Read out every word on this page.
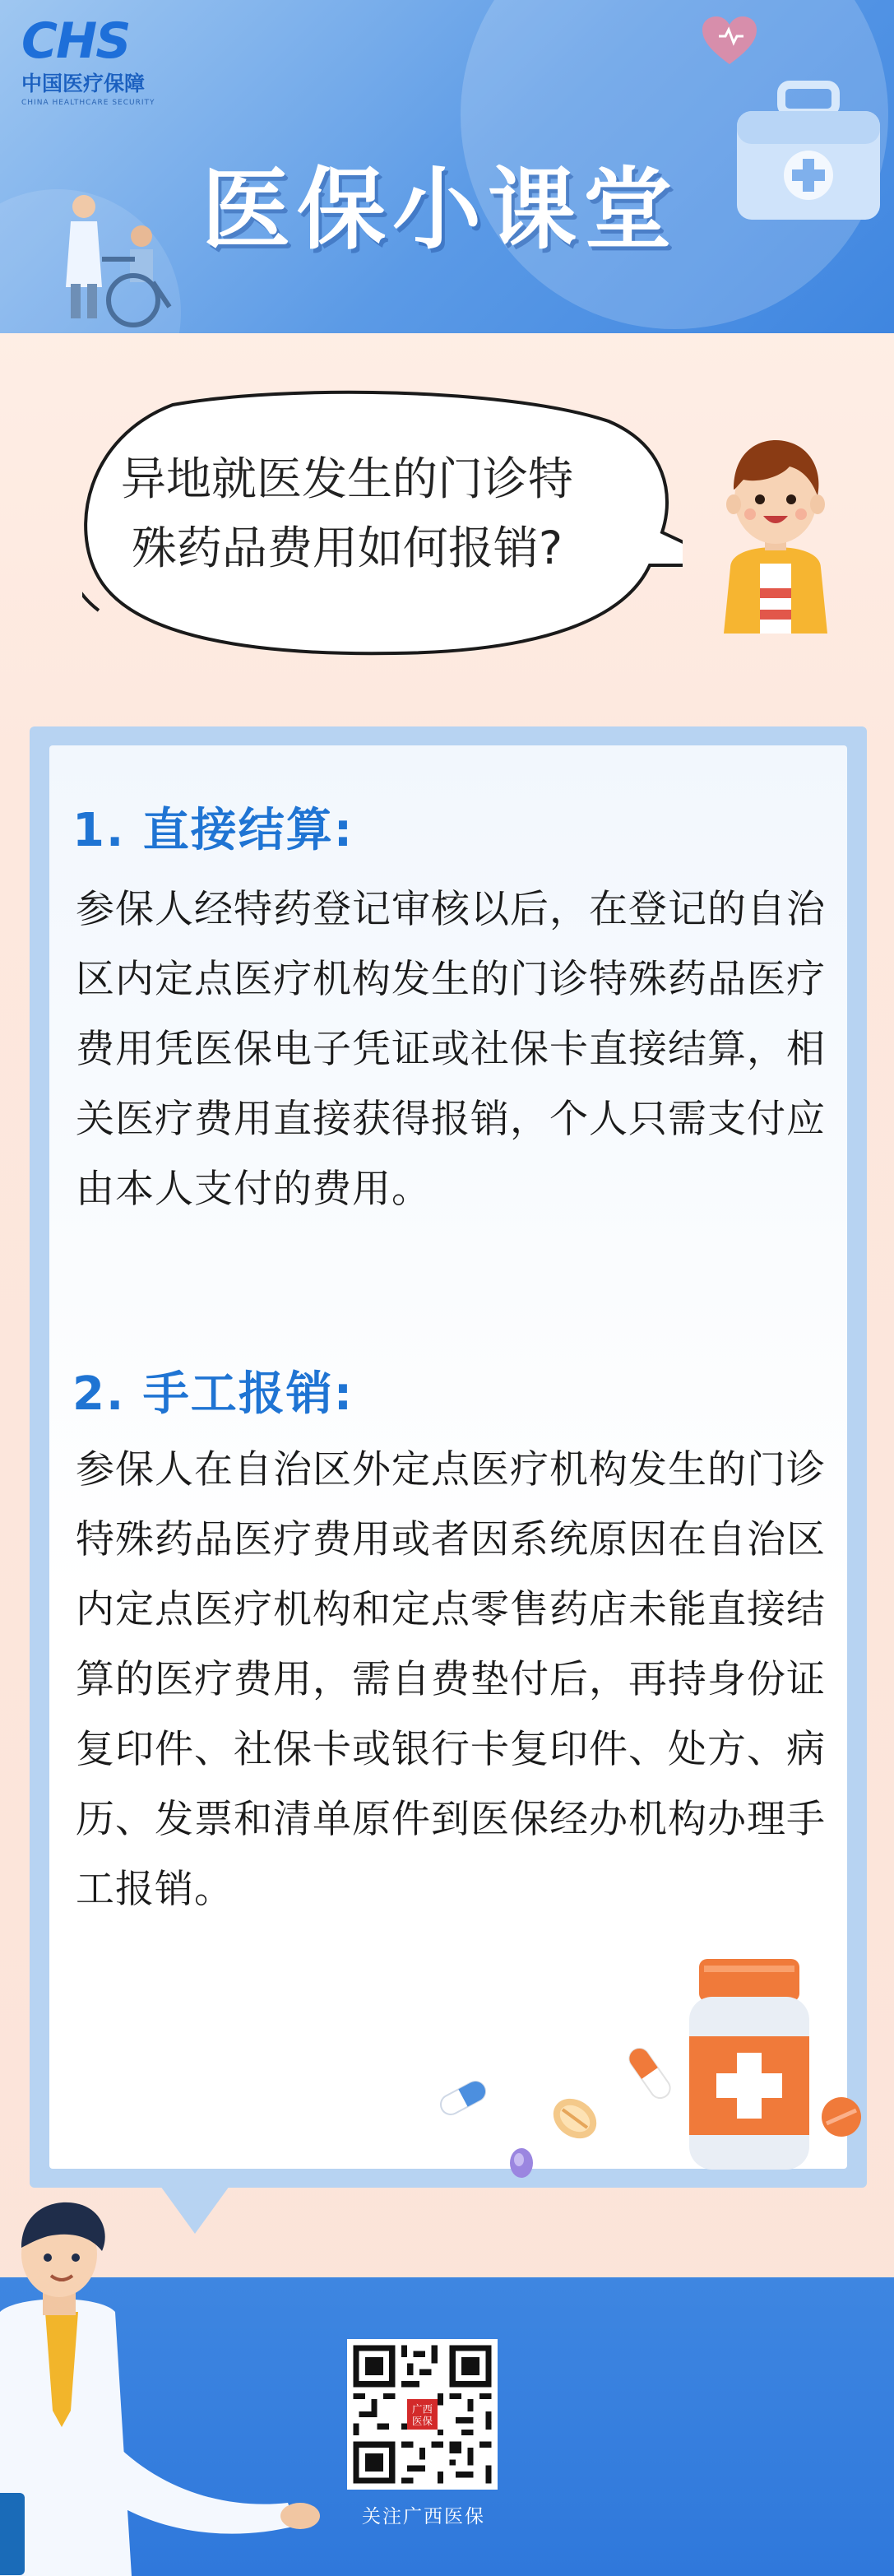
CHS
中国医疗保障
CHINA HEALTHCARE SECURITY
医保小课堂
异地就医发生的门诊特殊药品费用如何报销?
1. 直接结算:
参保人经特药登记审核以后，在登记的自治区内定点医疗机构发生的门诊特殊药品医疗费用凭医保电子凭证或社保卡直接结算，相关医疗费用直接获得报销，个人只需支付应由本人支付的费用。
2. 手工报销:
参保人在自治区外定点医疗机构发生的门诊特殊药品医疗费用或者因系统原因在自治区内定点医疗机构和定点零售药店未能直接结算的医疗费用，需自费垫付后，再持身份证复印件、社保卡或银行卡复印件、处方、病历、发票和清单原件到医保经办机构办理手工报销。
广西
医保
关注广西医保
